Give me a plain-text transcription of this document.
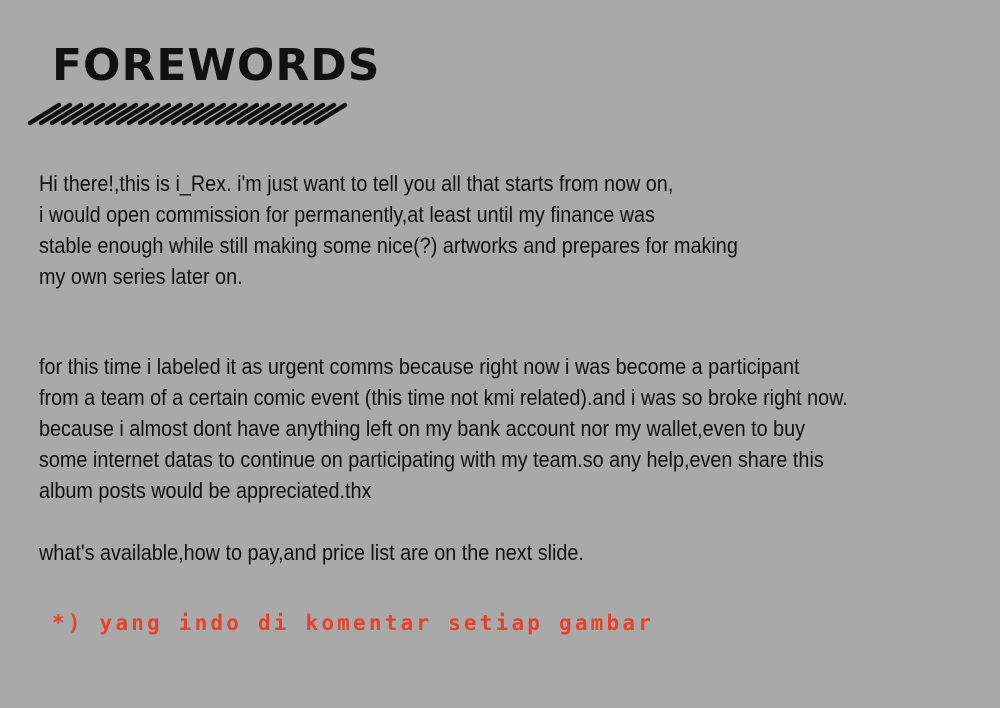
FOREWORDS

Hi there!,this is i_Rex. i'm just want to tell you all that starts from now on,
i would open commission for permanently,at least until my finance was
stable enough while still making some nice(?) artworks and prepares for making
my own series later on.

for this time i labeled it as urgent comms because right now i was become a participant
from a team of a certain comic event (this time not kmi related).and i was so broke right now.
because i almost dont have anything left on my bank account nor my wallet,even to buy
some internet datas to continue on participating with my team.so any help,even share this
album posts would be appreciated.thx

what's available,how to pay,and price list are on the next slide.

*) yang indo di komentar setiap gambar
